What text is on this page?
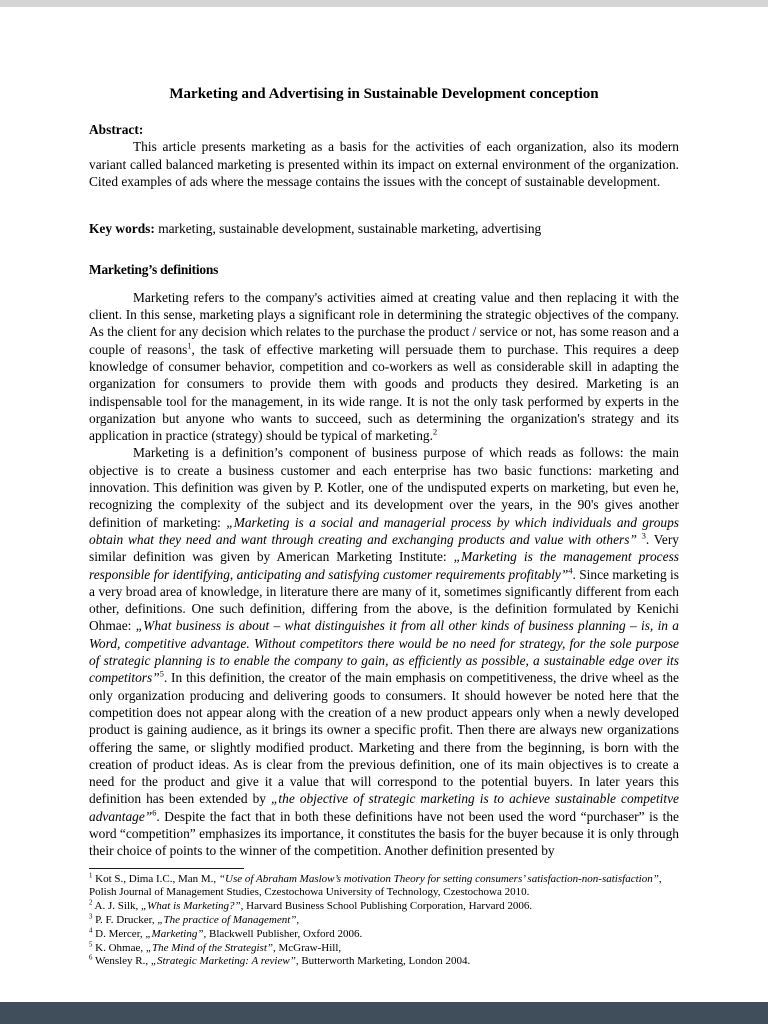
Marketing and Advertising in Sustainable Development conception

Abstract:

This article presents marketing as a basis for the activities of each organization, also its modern variant called balanced marketing is presented within its impact on external environment of the organization. Cited examples of ads where the message contains the issues with the concept of sustainable development.

Key words: marketing, sustainable development, sustainable marketing, advertising

Marketing’s definitions

Marketing refers to the company's activities aimed at creating value and then replacing it with the client. In this sense, marketing plays a significant role in determining the strategic objectives of the company. As the client for any decision which relates to the purchase the product / service or not, has some reason and a couple of reasons$^1$, the task of effective marketing will persuade them to purchase. This requires a deep knowledge of consumer behavior, competition and co-workers as well as considerable skill in adapting the organization for consumers to provide them with goods and products they desired. Marketing is an indispensable tool for the management, in its wide range. It is not the only task performed by experts in the organization but anyone who wants to succeed, such as determining the organization's strategy and its application in practice (strategy) should be typical of marketing.$^2$

Marketing is a definition’s component of business purpose of which reads as follows: the main objective is to create a business customer and each enterprise has two basic functions: marketing and innovation. This definition was given by P. Kotler, one of the undisputed experts on marketing, but even he, recognizing the complexity of the subject and its development over the years, in the 90's gives another definition of marketing: „Marketing is a social and managerial process by which individuals and groups obtain what they need and want through creating and exchanging products and value with others” $^3$. Very similar definition was given by American Marketing Institute: „Marketing is the management process responsible for identifying, anticipating and satisfying customer requirements profitably”$^4$. Since marketing is a very broad area of knowledge, in literature there are many of it, sometimes significantly different from each other, definitions. One such definition, differing from the above, is the definition formulated by Kenichi Ohmae: „What business is about – what distinguishes it from all other kinds of business planning – is, in a Word, competitive advantage. Without competitors there would be no need for strategy, for the sole purpose of strategic planning is to enable the company to gain, as efficiently as possible, a sustainable edge over its competitors”$^5$. In this definition, the creator of the main emphasis on competitiveness, the drive wheel as the only organization producing and delivering goods to consumers. It should however be noted here that the competition does not appear along with the creation of a new product appears only when a newly developed product is gaining audience, as it brings its owner a specific profit. Then there are always new organizations offering the same, or slightly modified product. Marketing and there from the beginning, is born with the creation of product ideas. As is clear from the previous definition, one of its main objectives is to create a need for the product and give it a value that will correspond to the potential buyers. In later years this definition has been extended by „the objective of strategic marketing is to achieve sustainable competitve advantage”$^6$. Despite the fact that in both these definitions have not been used the word “purchaser” is the word “competition” emphasizes its importance, it constitutes the basis for the buyer because it is only through their choice of points to the winner of the competition. Another definition presented by

$^1$ Kot S., Dima I.C., Man M., “Use of Abraham Maslow’s motivation Theory for setting consumers’ satisfaction-non-satisfaction”, Polish Journal of Management Studies, Czestochowa University of Technology, Czestochowa 2010.

$^2$ A. J. Silk, „What is Marketing?”, Harvard Business School Publishing Corporation, Harvard 2006.

$^3$ P. F. Drucker, „The practice of Management”,

$^4$ D. Mercer, „Marketing”, Blackwell Publisher, Oxford 2006.

$^5$ K. Ohmae, „The Mind of the Strategist”, McGraw-Hill,

$^6$ Wensley R., „Strategic Marketing: A review”, Butterworth Marketing, London 2004.
